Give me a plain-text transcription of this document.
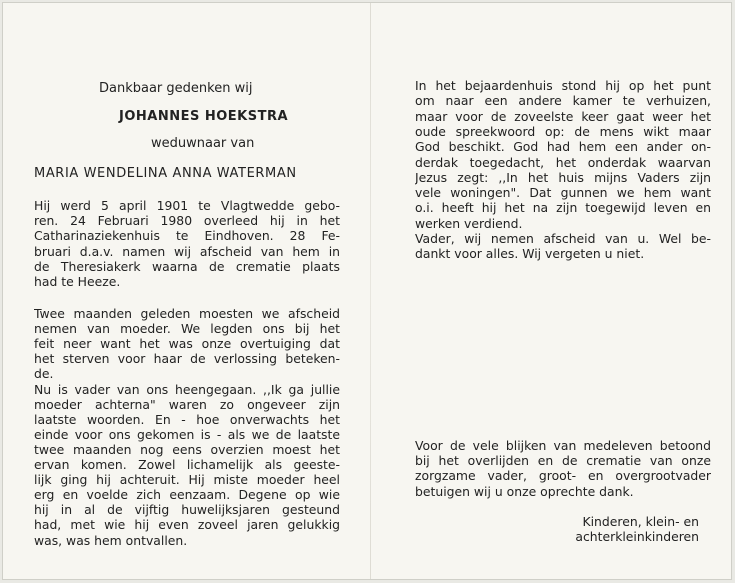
Dankbaar gedenken wij
JOHANNES HOEKSTRA
weduwnaar van
MARIA WENDELINA ANNA WATERMAN
Hij werd 5 april 1901 te Vlagtwedde gebo-
ren. 24 Februari 1980 overleed hij in het
Catharinaziekenhuis te Eindhoven. 28 Fe-
bruari d.a.v. namen wij afscheid van hem in
de Theresiakerk waarna de crematie plaats
had te Heeze.
Twee maanden geleden moesten we afscheid
nemen van moeder. We legden ons bij het
feit neer want het was onze overtuiging dat
het sterven voor haar de verlossing beteken-
de.
Nu is vader van ons heengegaan. ,,Ik ga jullie
moeder achterna" waren zo ongeveer zijn
laatste woorden. En - hoe onverwachts het
einde voor ons gekomen is - als we de laatste
twee maanden nog eens overzien moest het
ervan komen. Zowel lichamelijk als geeste-
lijk ging hij achteruit. Hij miste moeder heel
erg en voelde zich eenzaam. Degene op wie
hij in al de vijftig huwelijksjaren gesteund
had, met wie hij even zoveel jaren gelukkig
was, was hem ontvallen.
In het bejaardenhuis stond hij op het punt
om naar een andere kamer te verhuizen,
maar voor de zoveelste keer gaat weer het
oude spreekwoord op: de mens wikt maar
God beschikt. God had hem een ander on-
derdak toegedacht, het onderdak waarvan
Jezus zegt: ,,In het huis mijns Vaders zijn
vele woningen". Dat gunnen we hem want
o.i. heeft hij het na zijn toegewijd leven en
werken verdiend.
Vader, wij nemen afscheid van u. Wel be-
dankt voor alles. Wij vergeten u niet.
Voor de vele blijken van medeleven betoond
bij het overlijden en de crematie van onze
zorgzame vader, groot- en overgrootvader
betuigen wij u onze oprechte dank.
Kinderen, klein- en
achterkleinkinderen
